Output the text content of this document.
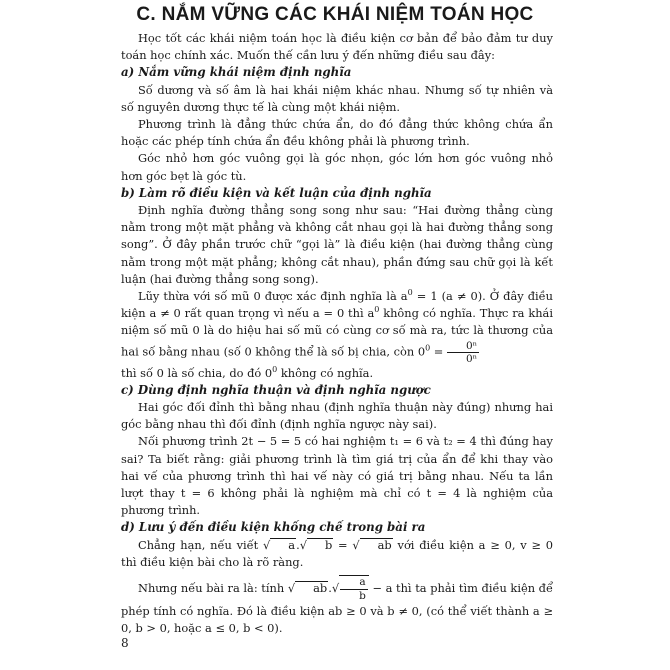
C. NẮM VỮNG CÁC KHÁI NIỆM TOÁN HỌC

Học tốt các khái niệm toán học là điều kiện cơ bản để bảo đảm tư duy toán học chính xác. Muốn thế cần lưu ý đến những điều sau đây:

a) Nắm vững khái niệm định nghĩa

Số dương và số âm là hai khái niệm khác nhau. Nhưng số tự nhiên và số nguyên dương thực tế là cùng một khái niệm.

Phương trình là đẳng thức chứa ẩn, do đó đẳng thức không chứa ẩn hoặc các phép tính chứa ẩn đều không phải là phương trình.

Góc nhỏ hơn góc vuông gọi là góc nhọn, góc lớn hơn góc vuông nhỏ hơn góc bẹt là góc tù.

b) Làm rõ điều kiện và kết luận của định nghĩa

Định nghĩa đường thẳng song song như sau: “Hai đường thẳng cùng nằm trong một mặt phẳng và không cắt nhau gọi là hai đường thẳng song song”. Ở đây phần trước chữ “gọi là” là điều kiện (hai đường thẳng cùng nằm trong một mặt phẳng; không cắt nhau), phần đứng sau chữ gọi là kết luận (hai đường thẳng song song).

Lũy thừa với số mũ 0 được xác định nghĩa là $a^0 = 1$ (a ≠ 0). Ở đây điều kiện a ≠ 0 rất quan trọng vì nếu a = 0 thì $a^0$ không có nghĩa. Thực ra khái niệm số mũ 0 là do hiệu hai số mũ có cùng cơ số mà ra, tức là thương của hai số bằng nhau (số 0 không thể là số bị chia, còn $0^0 = \frac{\text{0ⁿ}}{\text{0ⁿ}}$

thì số 0 là số chia, do đó $0^0$ không có nghĩa.

c) Dùng định nghĩa thuận và định nghĩa ngược

Hai góc đối đỉnh thì bằng nhau (định nghĩa thuận này đúng) nhưng hai góc bằng nhau thì đối đỉnh (định nghĩa ngược này sai).

Nối phương trình 2t − 5 = 5 có hai nghiệm t₁ = 6 và t₂ = 4 thì đúng hay sai? Ta biết rằng: giải phương trình là tìm giá trị của ẩn để khi thay vào hai vế của phương trình thì hai vế này có giá trị bằng nhau. Nếu ta lần lượt thay t = 6 không phải là nghiệm mà chỉ có t = 4 là nghiệm của phương trình.

d) Lưu ý đến điều kiện khống chế trong bài ra

Chẳng hạn, nếu viết √ a.√ b = √ ab với điều kiện a ≥ 0, v ≥ 0 thì điều kiện bài cho là rõ ràng.

Nhưng nếu bài ra là: tính √ $ab.√ \frac{a}{b} - a$ thì ta phải tìm điều kiện để phép tính có nghĩa. Đó là điều kiện ab ≥ 0 và b ≠ 0, (có thể viết thành a ≥ 0, b > 0, hoặc a ≤ 0, b < 0).

8
